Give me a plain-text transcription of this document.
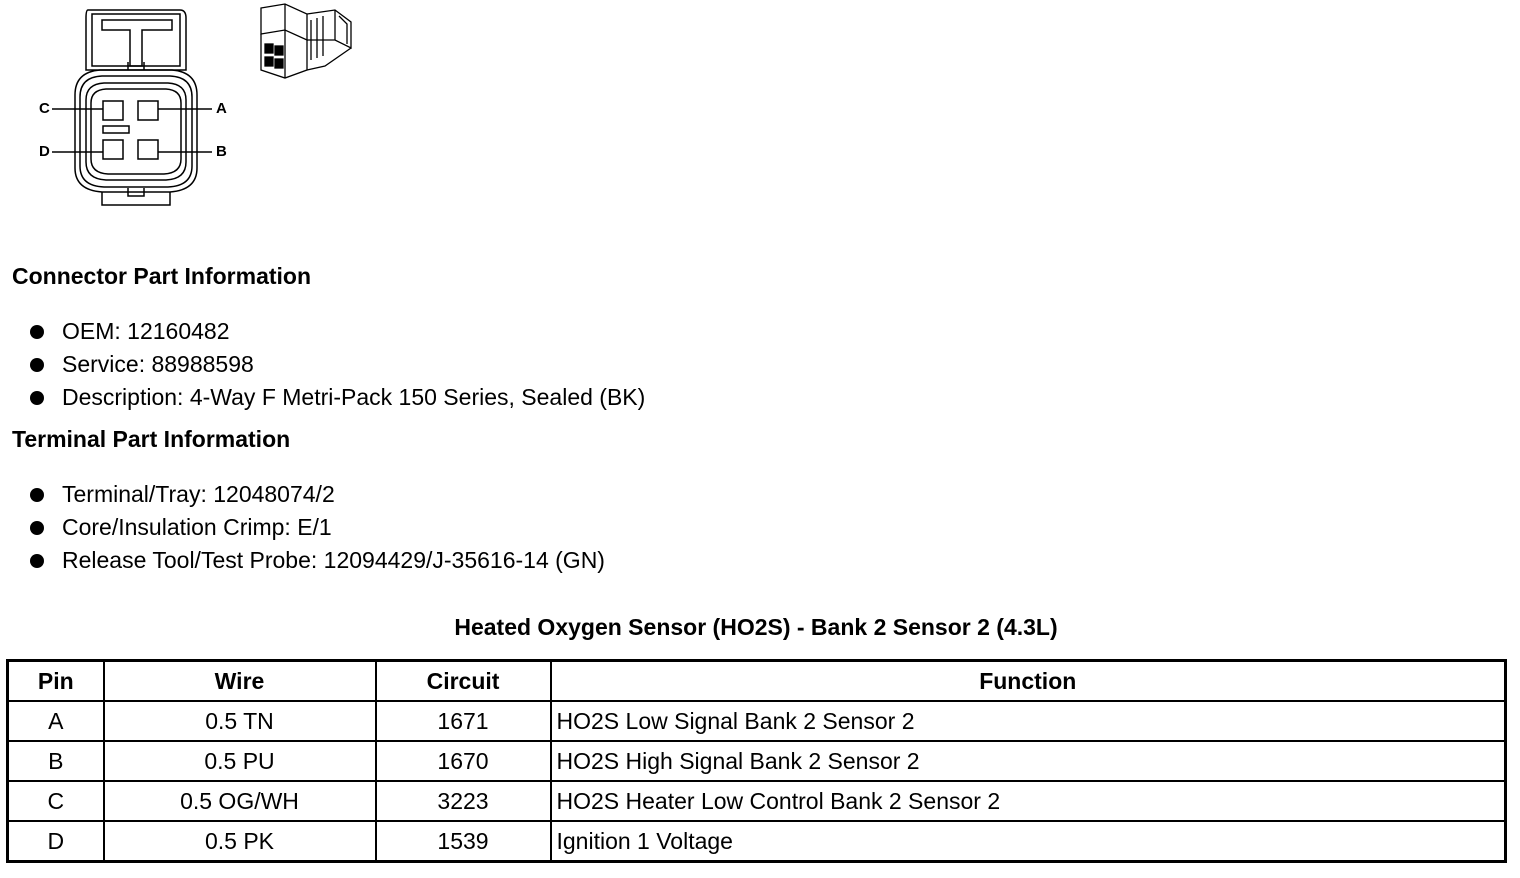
C	A
D	B
Connector Part Information
OEM: 12160482
Service: 88988598
Description: 4-Way F Metri-Pack 150 Series, Sealed (BK)
Terminal Part Information
Terminal/Tray: 12048074/2
Core/Insulation Crimp: E/1
Release Tool/Test Probe: 12094429/J-35616-14 (GN)
Heated Oxygen Sensor (HO2S) - Bank 2 Sensor 2 (4.3L)
Pin	Wire	Circuit	Function
A	0.5 TN	1671	HO2S Low Signal Bank 2 Sensor 2
B	0.5 PU	1670	HO2S High Signal Bank 2 Sensor 2
C	0.5 OG/WH	3223	HO2S Heater Low Control Bank 2 Sensor 2
D	0.5 PK	1539	Ignition 1 Voltage
